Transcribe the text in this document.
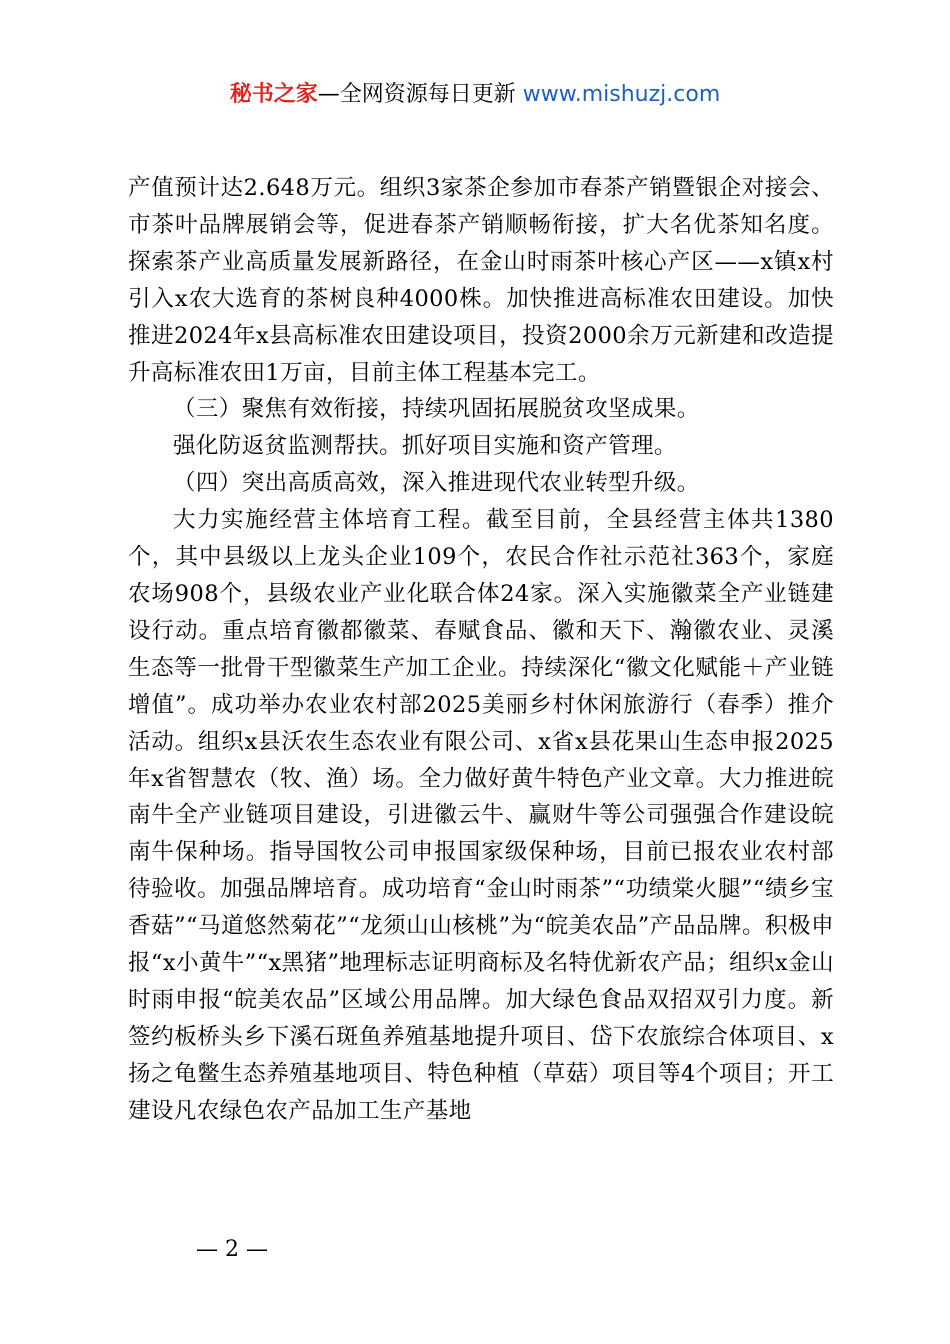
秘书之家—全网资源每日更新 www.mishuzj.com

产值预计达2.648万元。组织3家茶企参加市春茶产销暨银企对接会、市茶叶品牌展销会等，促进春茶产销顺畅衔接，扩大名优茶知名度。探索茶产业高质量发展新路径，在金山时雨茶叶核心产区——x镇x村引入x农大选育的茶树良种4000株。加快推进高标准农田建设。加快推进2024年x县高标准农田建设项目，投资2000余万元新建和改造提升高标准农田1万亩，目前主体工程基本完工。

（三）聚焦有效衔接，持续巩固拓展脱贫攻坚成果。

强化防返贫监测帮扶。抓好项目实施和资产管理。

（四）突出高质高效，深入推进现代农业转型升级。

大力实施经营主体培育工程。截至目前，全县经营主体共1380个，其中县级以上龙头企业109个，农民合作社示范社363个，家庭农场908个，县级农业产业化联合体24家。深入实施徽菜全产业链建设行动。重点培育徽都徽菜、春赋食品、徽和天下、瀚徽农业、灵溪生态等一批骨干型徽菜生产加工企业。持续深化“徽文化赋能＋产业链增值”。成功举办农业农村部2025美丽乡村休闲旅游行（春季）推介活动。组织x县沃农生态农业有限公司、x省x县花果山生态申报2025年x省智慧农（牧、渔）场。全力做好黄牛特色产业文章。大力推进皖南牛全产业链项目建设，引进徽云牛、赢财牛等公司强强合作建设皖南牛保种场。指导国牧公司申报国家级保种场，目前已报农业农村部待验收。加强品牌培育。成功培育“金山时雨茶”“功绩棠火腿”“绩乡宝香菇”“马道悠然菊花”“龙须山山核桃”为“皖美农品”产品品牌。积极申报“x小黄牛”“x黑猪”地理标志证明商标及名特优新农产品；组织x金山时雨申报“皖美农品”区域公用品牌。加大绿色食品双招双引力度。新签约板桥头乡下溪石斑鱼养殖基地提升项目、岱下农旅综合体项目、x扬之龟鳖生态养殖基地项目、特色种植（草菇）项目等4个项目；开工建设凡农绿色农产品加工生产基地

— 2 —
